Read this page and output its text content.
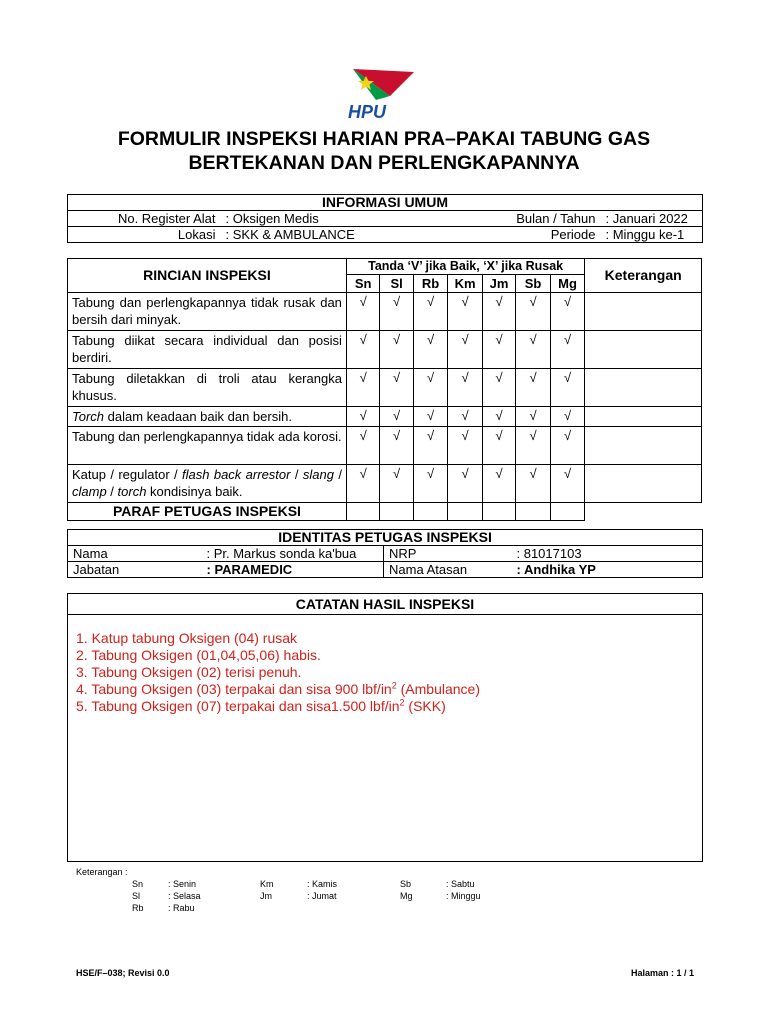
HPU
FORMULIR INSPEKSI HARIAN PRA–PAKAI TABUNG GAS
BERTEKANAN DAN PERLENGKAPANNYA
INFORMASI UMUM			
No. Register Alat	: Oksigen Medis	Bulan / Tahun	: Januari 2022
Lokasi	: SKK & AMBULANCE	Periode	: Minggu ke-1
RINCIAN INSPEKSI	Tanda ‘V’ jika Baik, ‘X’ jika Rusak							Keterangan
	Sn	Sl	Rb	Km	Jm	Sb	Mg	
Tabung dan perlengkapannya tidak rusak dan bersih dari minyak.	√	√	√	√	√	√	√	
Tabung diikat secara individual dan posisi berdiri.	√	√	√	√	√	√	√	
Tabung diletakkan di troli atau kerangka khusus.	√	√	√	√	√	√	√	
Torch dalam keadaan baik dan bersih.	√	√	√	√	√	√	√	
Tabung dan perlengkapannya tidak ada korosi.	√	√	√	√	√	√	√	
Katup / regulator / flash back arrestor / slang / clamp / torch kondisinya baik.	√	√	√	√	√	√	√	
PARAF PETUGAS INSPEKSI								
IDENTITAS PETUGAS INSPEKSI			
Nama	: Pr. Markus sonda ka'bua	NRP	: 81017103
Jabatan	: PARAMEDIC	Nama Atasan	: Andhika YP
CATATAN HASIL INSPEKSI
1. Katup tabung Oksigen (04) rusak
2. Tabung Oksigen (01,04,05,06) habis.
3. Tabung Oksigen (02) terisi penuh.
4. Tabung Oksigen (03) terpakai dan sisa 900 lbf/$in^2$ (Ambulance)
5. Tabung Oksigen (07) terpakai dan sisa1.500 lbf/$in^2$ (SKK)
Keterangan :
Sn	: Senin	Km	: Kamis	Sb	: Sabtu
Sl	: Selasa	Jm	: Jumat	Mg	: Minggu
Rb	: Rabu
HSE/F–038; Revisi 0.0	Halaman : 1 / 1
